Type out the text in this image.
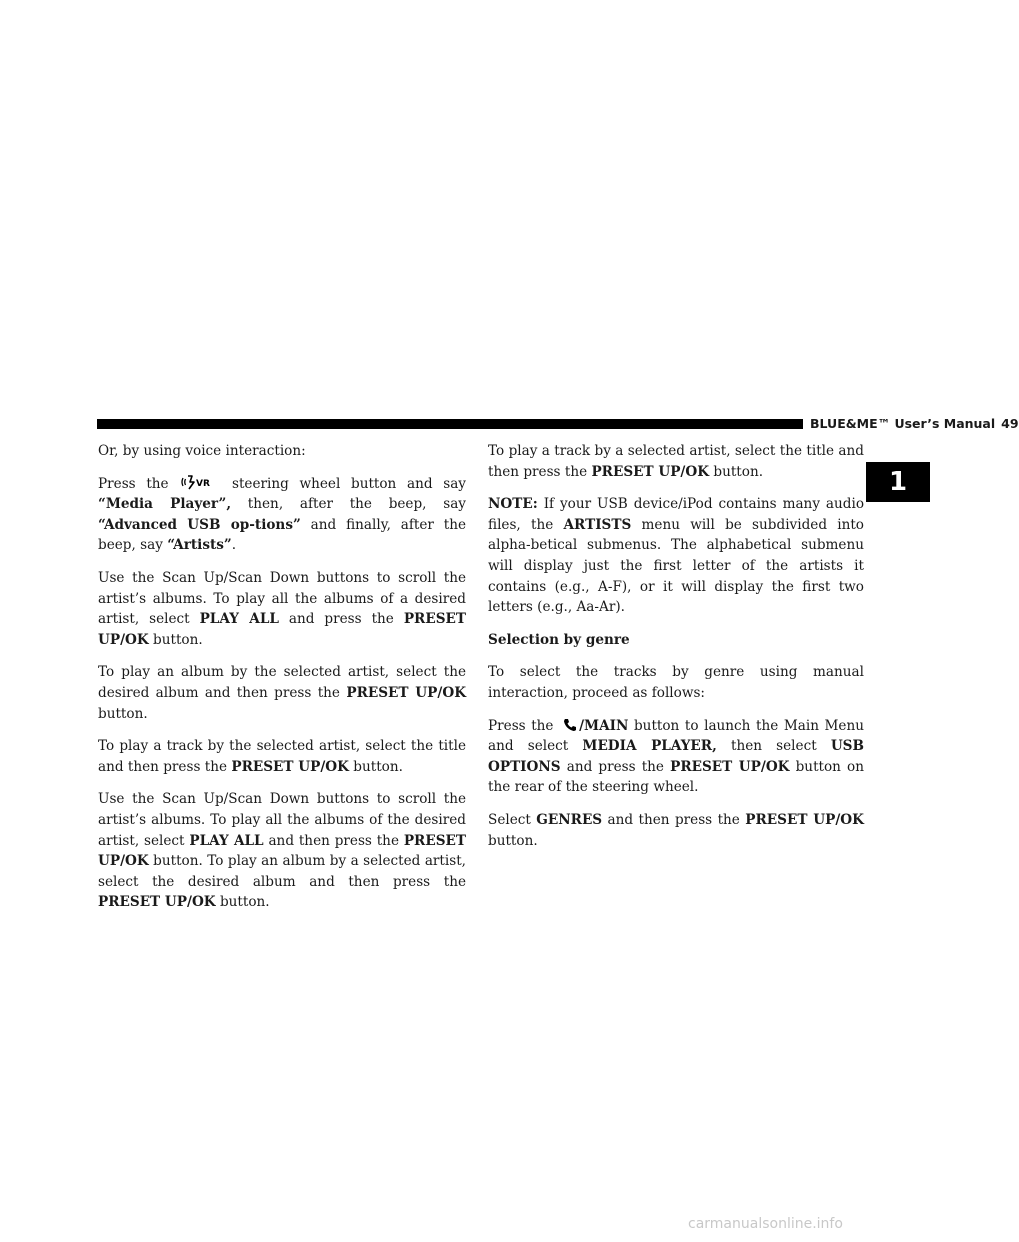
BLUE&ME™ User’s Manual 49
1

Or, by using voice interaction:

Press the	VR steering wheel button and say “Media Player”, then, after the beep, say “Advanced USB op-tions” and finally, after the beep, say “Artists”.

Use the Scan Up/Scan Down buttons to scroll the artist’s albums. To play all the albums of a desired artist, select PLAY ALL and press the PRESET UP/OK button.

To play an album by the selected artist, select the desired album and then press the PRESET UP/OK button.

To play a track by the selected artist, select the title and then press the PRESET UP/OK button.

Use the Scan Up/Scan Down buttons to scroll the artist’s albums. To play all the albums of the desired artist, select PLAY ALL and then press the PRESET UP/OK button. To play an album by a selected artist, select the desired album and then press the PRESET UP/OK button.

To play a track by a selected artist, select the title and then press the PRESET UP/OK button.

NOTE: If your USB device/iPod contains many audio files, the ARTISTS menu will be subdivided into alpha-betical submenus. The alphabetical submenu will display just the first letter of the artists it contains (e.g., A-F), or it will display the first two letters (e.g., Aa-Ar).

Selection by genre

To select the tracks by genre using manual interaction, proceed as follows:

Press the /MAIN button to launch the Main Menu and select MEDIA PLAYER, then select USB OPTIONS and press the PRESET UP/OK button on the rear of the steering wheel.

Select GENRES and then press the PRESET UP/OK button.

carmanualsonline.info
